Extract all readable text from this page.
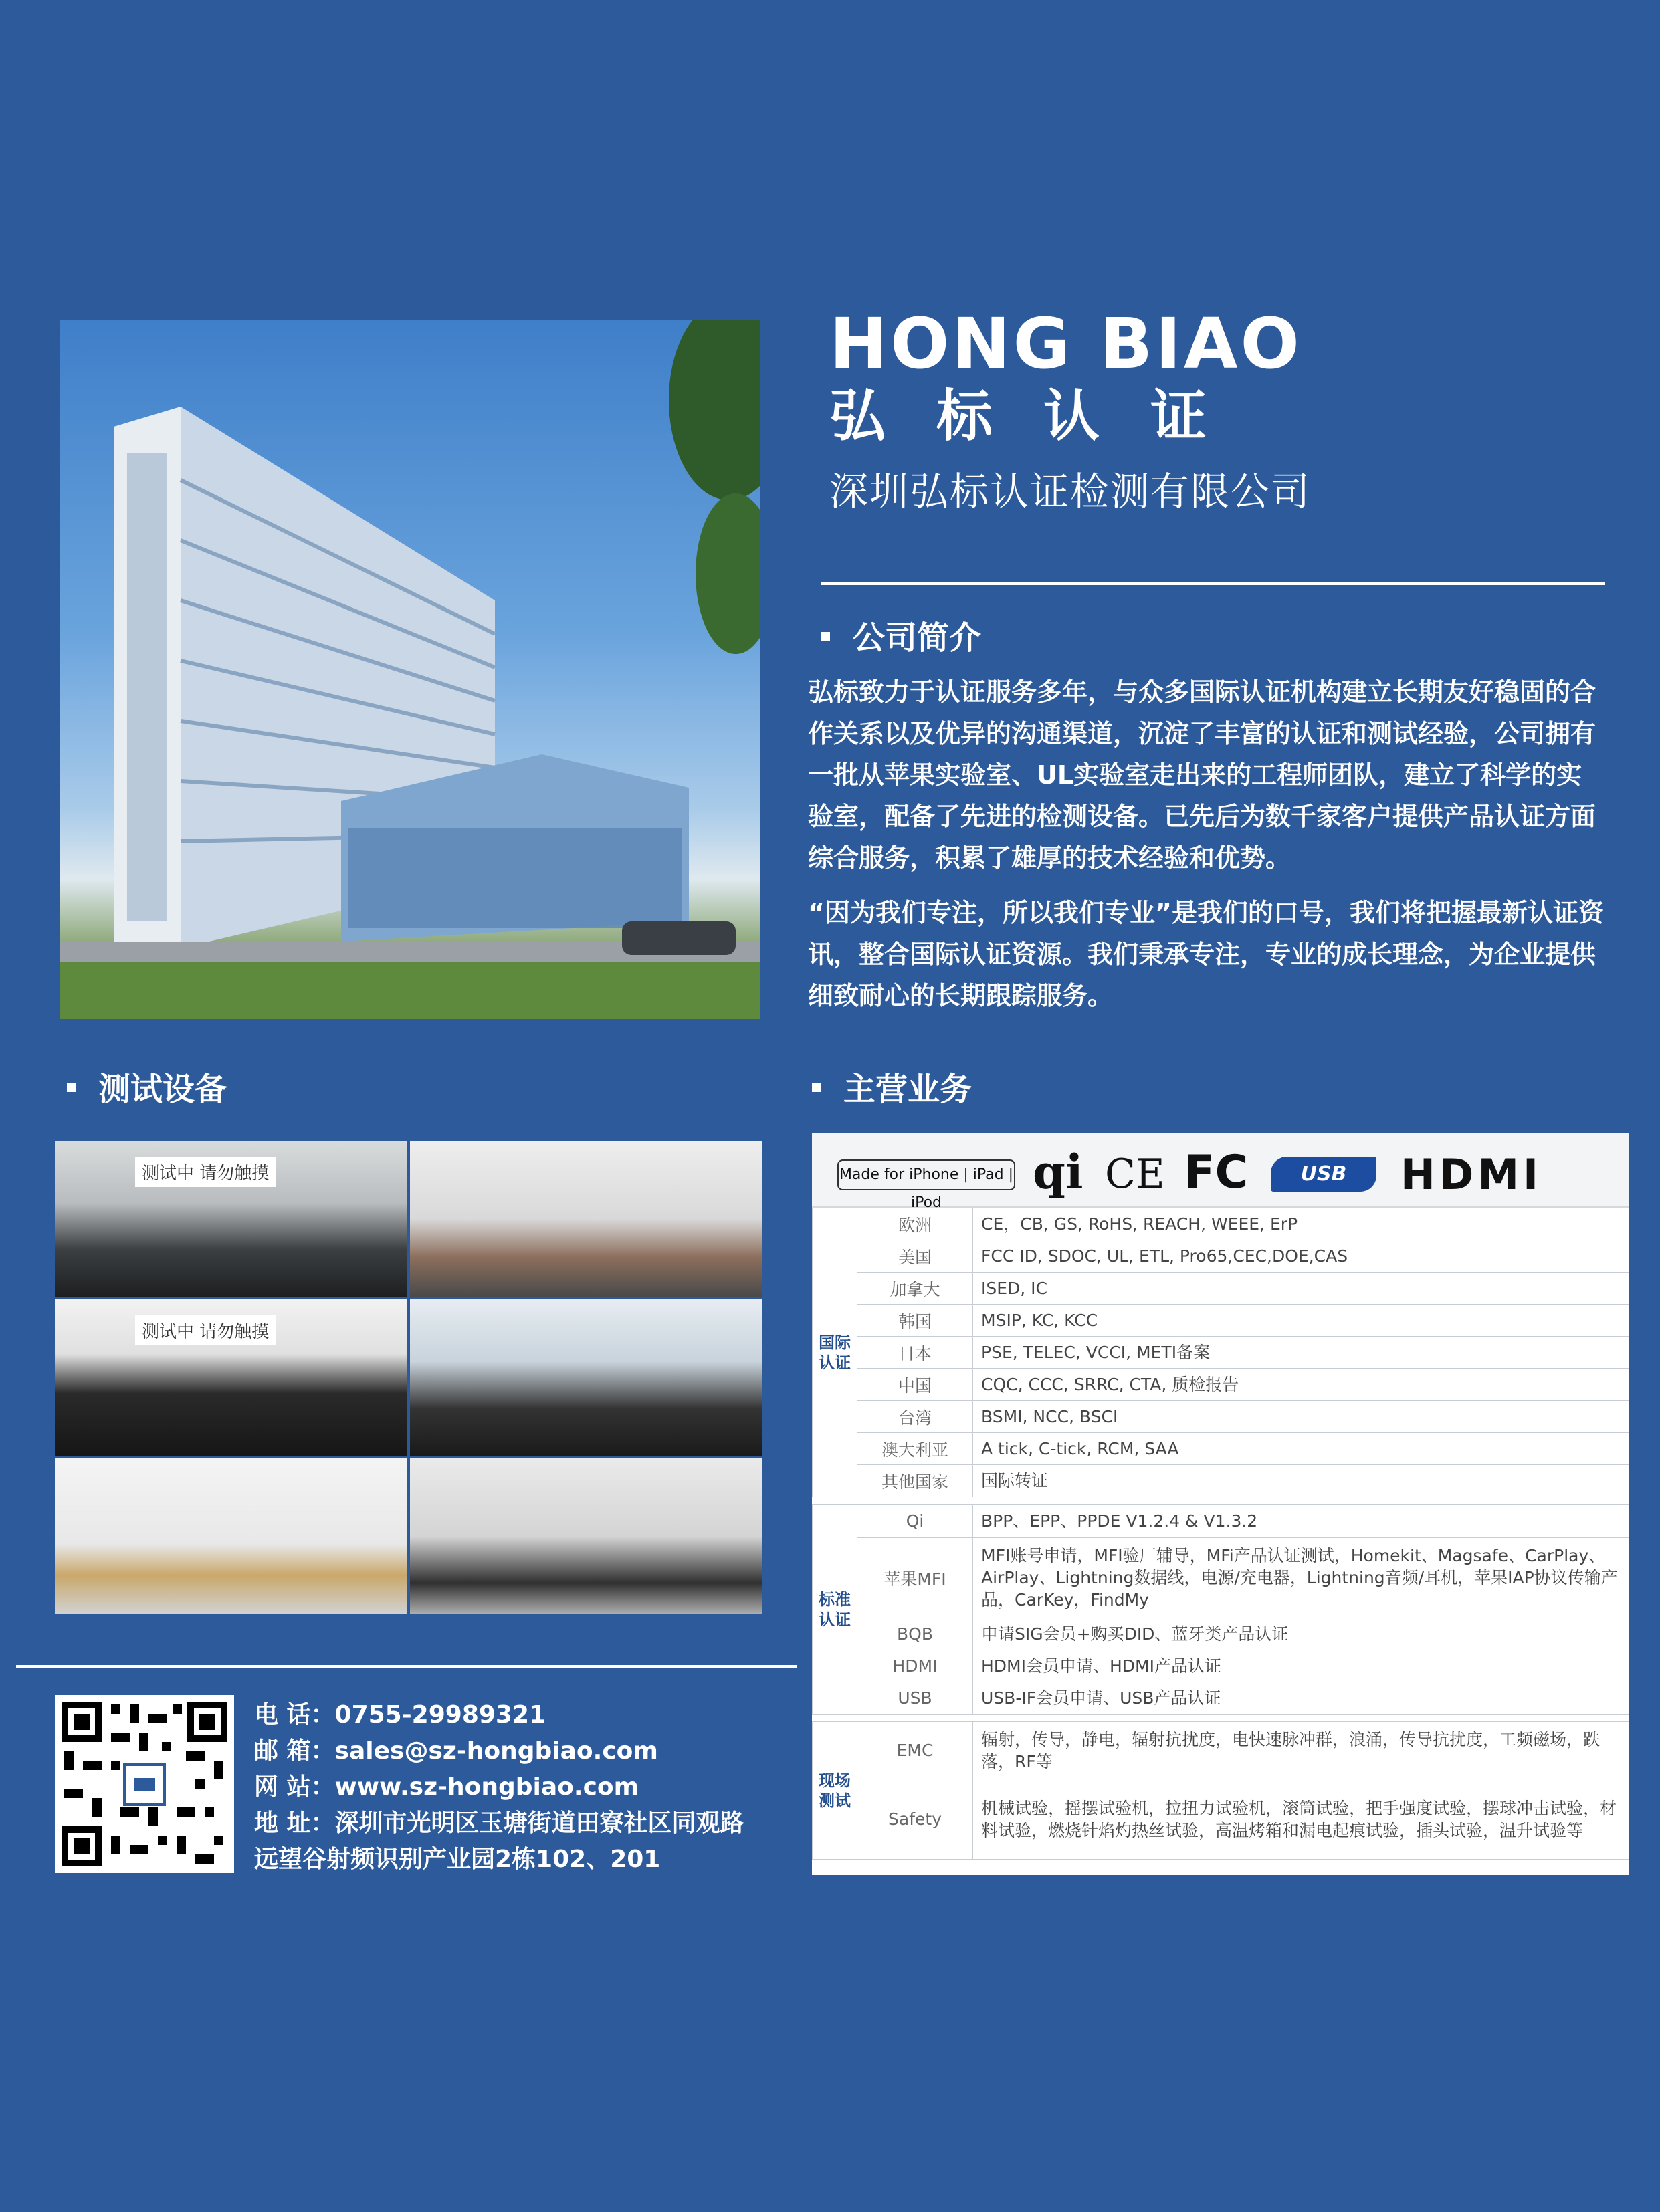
HONG BIAO
弘标认证
深圳弘标认证检测有限公司
公司简介
弘标致力于认证服务多年，与众多国际认证机构建立长期友好稳固的合作关系以及优异的沟通渠道，沉淀了丰富的认证和测试经验，公司拥有一批从苹果实验室、UL实验室走出来的工程师团队，建立了科学的实验室，配备了先进的检测设备。已先后为数千家客户提供产品认证方面综合服务，积累了雄厚的技术经验和优势。
“因为我们专注，所以我们专业”是我们的口号，我们将把握最新认证资讯，整合国际认证资源。我们秉承专注，专业的成长理念，为企业提供细致耐心的长期跟踪服务。
测试设备
测试中 请勿触摸
测试中 请勿触摸
电 话：0755-29989321
邮 箱：sales@sz-hongbiao.com
网 站：www.sz-hongbiao.com
地 址：深圳市光明区玉塘街道田寮社区同观路
远望谷射频识别产业园2栋102、201
主营业务
Made for iPhone | iPad | iPod
qi CE FC	USB	HDMI
国际认证	欧洲	CE，CB, GS, RoHS, REACH, WEEE, ErP
	美国	FCC ID, SDOC, UL, ETL, Pro65,CEC,DOE,CAS
	加拿大	ISED, IC
	韩国	MSIP, KC, KCC
	日本	PSE, TELEC, VCCI, METI备案
	中国	CQC, CCC, SRRC, CTA, 质检报告
	台湾	BSMI, NCC, BSCI
	澳大利亚	A tick, C-tick, RCM, SAA
	其他国家	国际转证

标准认证	Qi	BPP、EPP、PPDE V1.2.4 & V1.3.2
	苹果MFI	MFI账号申请，MFI验厂辅导，MFi产品认证测试，Homekit、Magsafe、CarPlay、AirPlay、Lightning数据线，电源/充电器，Lightning音频/耳机，苹果IAP协议传输产品，CarKey，FindMy
	BQB	申请SIG会员+购买DID、蓝牙类产品认证
	HDMI	HDMI会员申请、HDMI产品认证
	USB	USB-IF会员申请、USB产品认证

现场测试	EMC	辐射，传导，静电，辐射抗扰度，电快速脉冲群，浪涌，传导抗扰度，工频磁场，跌落，RF等
	Safety	机械试验，摇摆试验机，拉扭力试验机，滚筒试验，把手强度试验，摆球冲击试验，材料试验，燃烧针焰灼热丝试验，高温烤箱和漏电起痕试验，插头试验，温升试验等
